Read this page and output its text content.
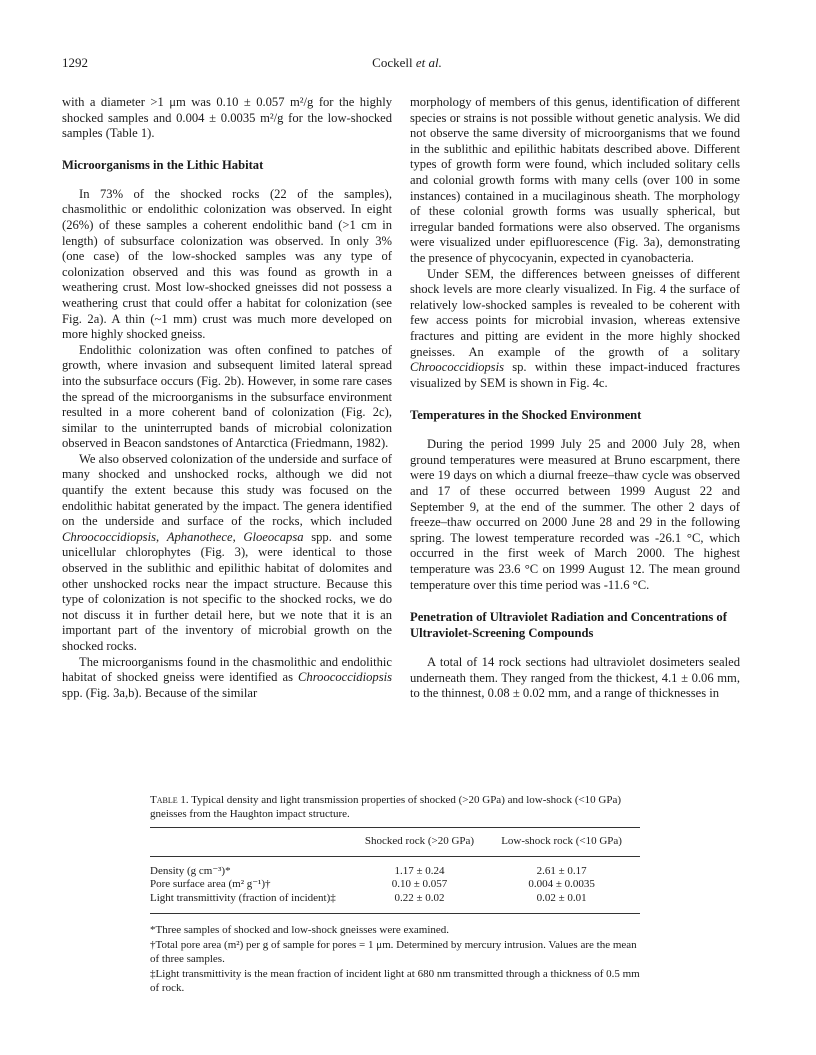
1292	Cockell et al.

with a diameter >1 μm was 0.10 ± 0.057 m²/g for the highly shocked samples and 0.004 ± 0.0035 m²/g for the low-shocked samples (Table 1).

Microorganisms in the Lithic Habitat

In 73% of the shocked rocks (22 of the samples), chasmolithic or endolithic colonization was observed. In eight (26%) of these samples a coherent endolithic band (>1 cm in length) of subsurface colonization was observed. In only 3% (one case) of the low-shocked samples was any type of colonization observed and this was found as growth in a weathering crust. Most low-shocked gneisses did not possess a weathering crust that could offer a habitat for colonization (see Fig. 2a). A thin (~1 mm) crust was much more developed on more highly shocked gneiss.

Endolithic colonization was often confined to patches of growth, where invasion and subsequent limited lateral spread into the subsurface occurs (Fig. 2b). However, in some rare cases the spread of the microorganisms in the subsurface environment resulted in a more coherent band of colonization (Fig. 2c), similar to the uninterrupted bands of microbial colonization observed in Beacon sandstones of Antarctica (Friedmann, 1982).

We also observed colonization of the underside and surface of many shocked and unshocked rocks, although we did not quantify the extent because this study was focused on the endolithic habitat generated by the impact. The genera identified on the underside and surface of the rocks, which included Chroococcidiopsis, Aphanothece, Gloeocapsa spp. and some unicellular chlorophytes (Fig. 3), were identical to those observed in the sublithic and epilithic habitat of dolomites and other unshocked rocks near the impact structure. Because this type of colonization is not specific to the shocked rocks, we do not discuss it in further detail here, but we note that it is an important part of the inventory of microbial growth on the shocked rocks.

The microorganisms found in the chasmolithic and endolithic habitat of shocked gneiss were identified as Chroococcidiopsis spp. (Fig. 3a,b). Because of the similar

morphology of members of this genus, identification of different species or strains is not possible without genetic analysis. We did not observe the same diversity of microorganisms that we found in the sublithic and epilithic habitats described above. Different types of growth form were found, which included solitary cells and colonial growth forms with many cells (over 100 in some instances) contained in a mucilaginous sheath. The morphology of these colonial growth forms was usually spherical, but irregular banded formations were also observed. The organisms were visualized under epifluorescence (Fig. 3a), demonstrating the presence of phycocyanin, expected in cyanobacteria.

Under SEM, the differences between gneisses of different shock levels are more clearly visualized. In Fig. 4 the surface of relatively low-shocked samples is revealed to be coherent with few access points for microbial invasion, whereas extensive fractures and pitting are evident in the more highly shocked gneisses. An example of the growth of a solitary Chroococcidiopsis sp. within these impact-induced fractures visualized by SEM is shown in Fig. 4c.

Temperatures in the Shocked Environment

During the period 1999 July 25 and 2000 July 28, when ground temperatures were measured at Bruno escarpment, there were 19 days on which a diurnal freeze–thaw cycle was observed and 17 of these occurred between 1999 August 22 and September 9, at the end of the summer. The other 2 days of freeze–thaw occurred on 2000 June 28 and 29 in the following spring. The lowest temperature recorded was -26.1 °C, which occurred in the first week of March 2000. The highest temperature was 23.6 °C on 1999 August 12. The mean ground temperature over this time period was -11.6 °C.

Penetration of Ultraviolet Radiation and Concentrations of Ultraviolet-Screening Compounds

A total of 14 rock sections had ultraviolet dosimeters sealed underneath them. They ranged from the thickest, 4.1 ± 0.06 mm, to the thinnest, 0.08 ± 0.02 mm, and a range of thicknesses in

Table 1. Typical density and light transmission properties of shocked (>20 GPa) and low-shock (<10 GPa) gneisses from the Haughton impact structure.

	Shocked rock (>20 GPa)	Low-shock rock (<10 GPa)
Density (g cm⁻³)*	1.17 ± 0.24	2.61 ± 0.17
Pore surface area (m² g⁻¹)†	0.10 ± 0.057	0.004 ± 0.0035
Light transmittivity (fraction of incident)‡	0.22 ± 0.02	0.02 ± 0.01

*Three samples of shocked and low-shock gneisses were examined.

†Total pore area (m²) per g of sample for pores = 1 μm. Determined by mercury intrusion. Values are the mean of three samples.

‡Light transmittivity is the mean fraction of incident light at 680 nm transmitted through a thickness of 0.5 mm of rock.
